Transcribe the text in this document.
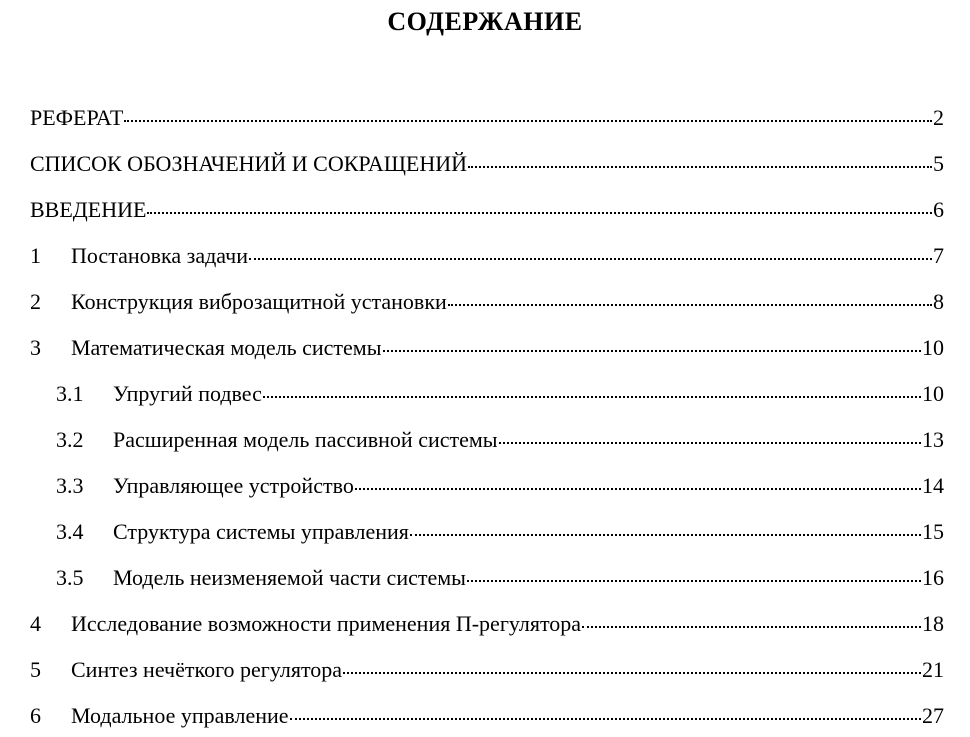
СОДЕРЖАНИЕ
РЕФЕРАТ	2
СПИСОК ОБОЗНАЧЕНИЙ И СОКРАЩЕНИЙ	5
ВВЕДЕНИЕ	6
1 Постановка задачи	7
2 Конструкция виброзащитной установки	8
3 Математическая модель системы	10
3.1 Упругий подвес	10
3.2 Расширенная модель пассивной системы	13
3.3 Управляющее устройство	14
3.4 Структура системы управления	15
3.5 Модель неизменяемой части системы	16
4 Исследование возможности применения П-регулятора	18
5 Синтез нечёткого регулятора	21
6 Модальное управление	27
